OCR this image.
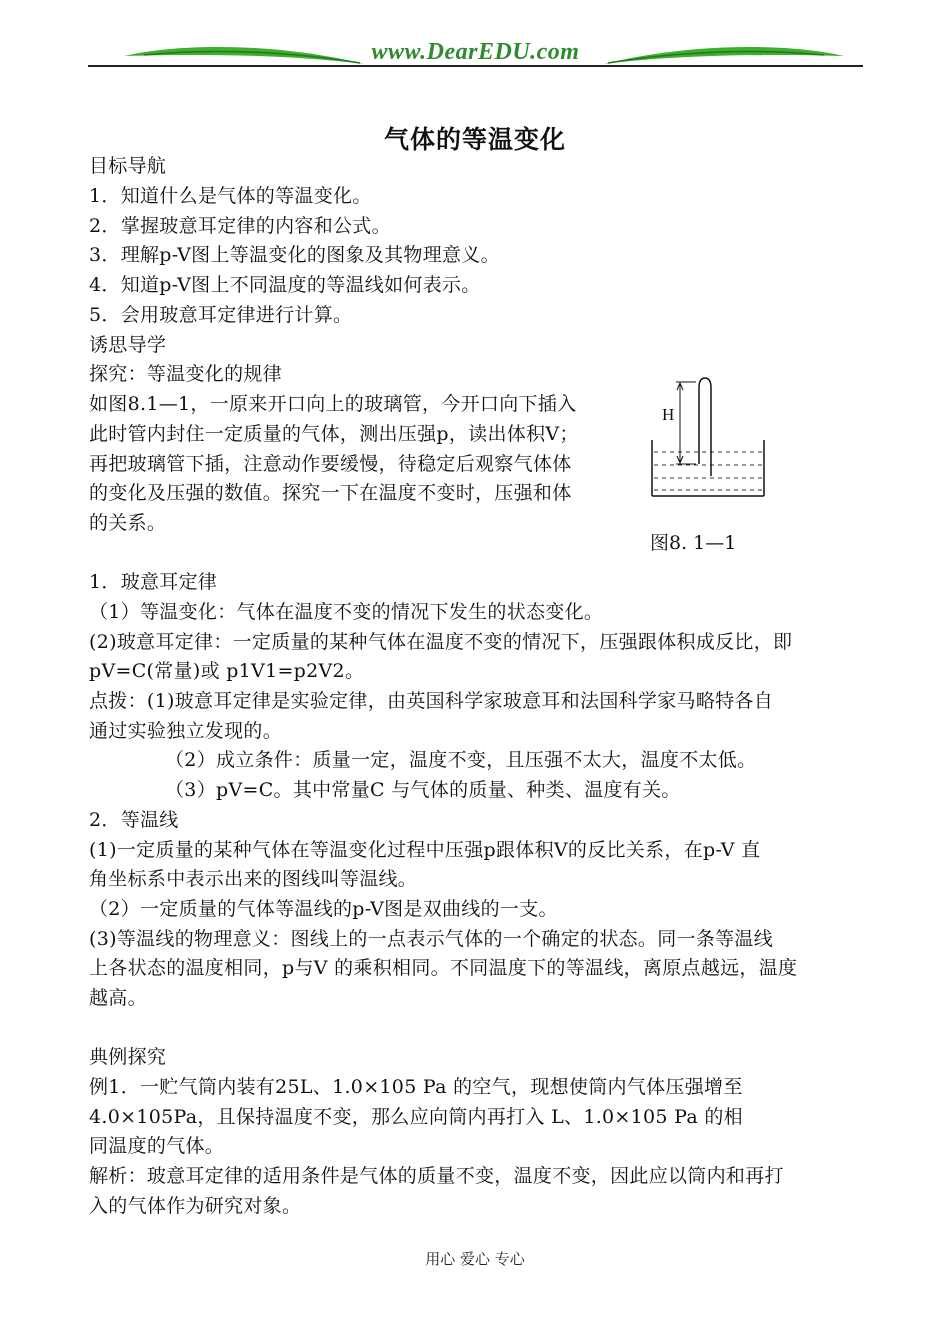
www.DearEDU.com
气体的等温变化
目标导航
1．知道什么是气体的等温变化。
2．掌握玻意耳定律的内容和公式。
3．理解p-V图上等温变化的图象及其物理意义。
4．知道p-V图上不同温度的等温线如何表示。
5．会用玻意耳定律进行计算。
诱思导学
探究：等温变化的规律
如图8.1—1，一原来开口向上的玻璃管，今开口向下插入
此时管内封住一定质量的气体，测出压强p，读出体积V；
再把玻璃管下插，注意动作要缓慢，待稳定后观察气体体
的变化及压强的数值。探究一下在温度不变时，压强和体
的关系。
H
图8. 1—1
1．玻意耳定律
（1）等温变化：气体在温度不变的情况下发生的状态变化。
(2)玻意耳定律：一定质量的某种气体在温度不变的情况下，压强跟体积成反比，即
pV=C(常量)或 p1V1=p2V2。
点拨：(1)玻意耳定律是实验定律，由英国科学家玻意耳和法国科学家马略特各自
通过实验独立发现的。
（2）成立条件：质量一定，温度不变，且压强不太大，温度不太低。
（3）pV=C。其中常量C 与气体的质量、种类、温度有关。
2．等温线
(1)一定质量的某种气体在等温变化过程中压强p跟体积V的反比关系，在p-V 直
角坐标系中表示出来的图线叫等温线。
（2）一定质量的气体等温线的p-V图是双曲线的一支。
(3)等温线的物理意义：图线上的一点表示气体的一个确定的状态。同一条等温线
上各状态的温度相同，p与V 的乘积相同。不同温度下的等温线，离原点越远，温度
越高。
典例探究
例1．一贮气筒内装有25L、1.0×105 Pa 的空气，现想使筒内气体压强增至
4.0×105Pa，且保持温度不变，那么应向筒内再打入 L、1.0×105 Pa 的相
同温度的气体。
解析：玻意耳定律的适用条件是气体的质量不变，温度不变，因此应以筒内和再打
入的气体作为研究对象。
用心 爱心 专心
